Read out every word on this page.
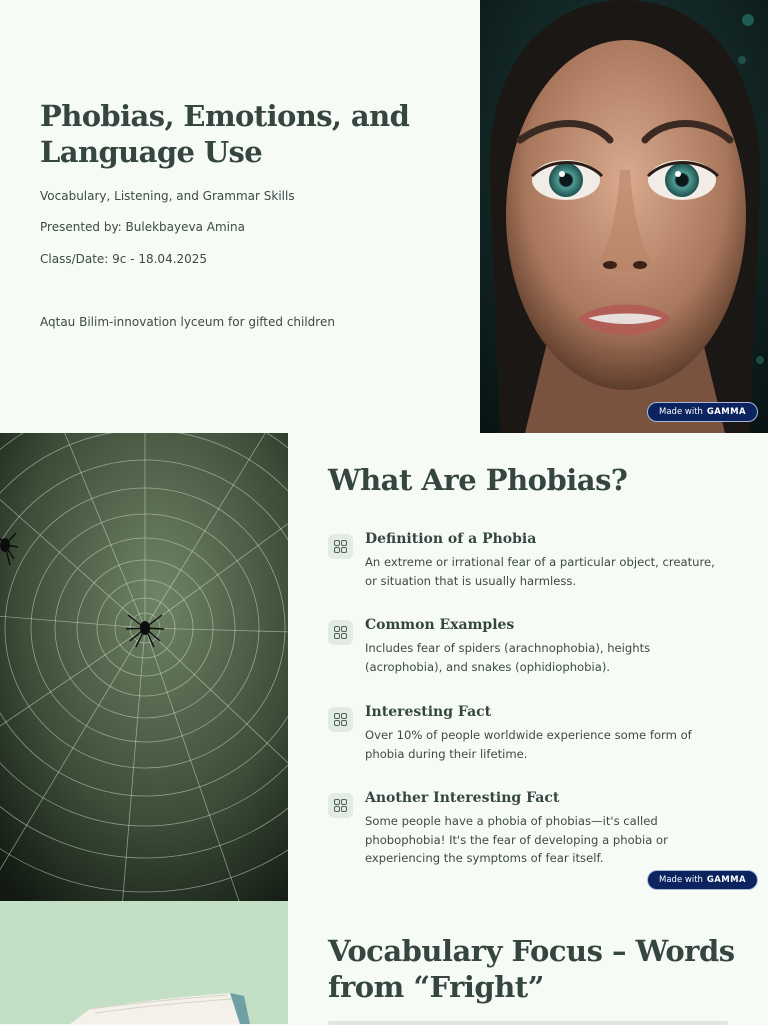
Phobias, Emotions, and Language Use
Vocabulary, Listening, and Grammar Skills
Presented by: Bulekbayeva Amina
Class/Date: 9c - 18.04.2025
Aqtau Bilim-innovation lyceum for gifted children
Made with GAMMA
What Are Phobias?
Definition of a Phobia
An extreme or irrational fear of a particular object, creature, or situation that is usually harmless.
Common Examples
Includes fear of spiders (arachnophobia), heights (acrophobia), and snakes (ophidiophobia).
Interesting Fact
Over 10% of people worldwide experience some form of phobia during their lifetime.
Another Interesting Fact
Some people have a phobia of phobias—it's called phobophobia! It's the fear of developing a phobia or experiencing the symptoms of fear itself.
Made with GAMMA
Vocabulary Focus – Words from “Fright”
